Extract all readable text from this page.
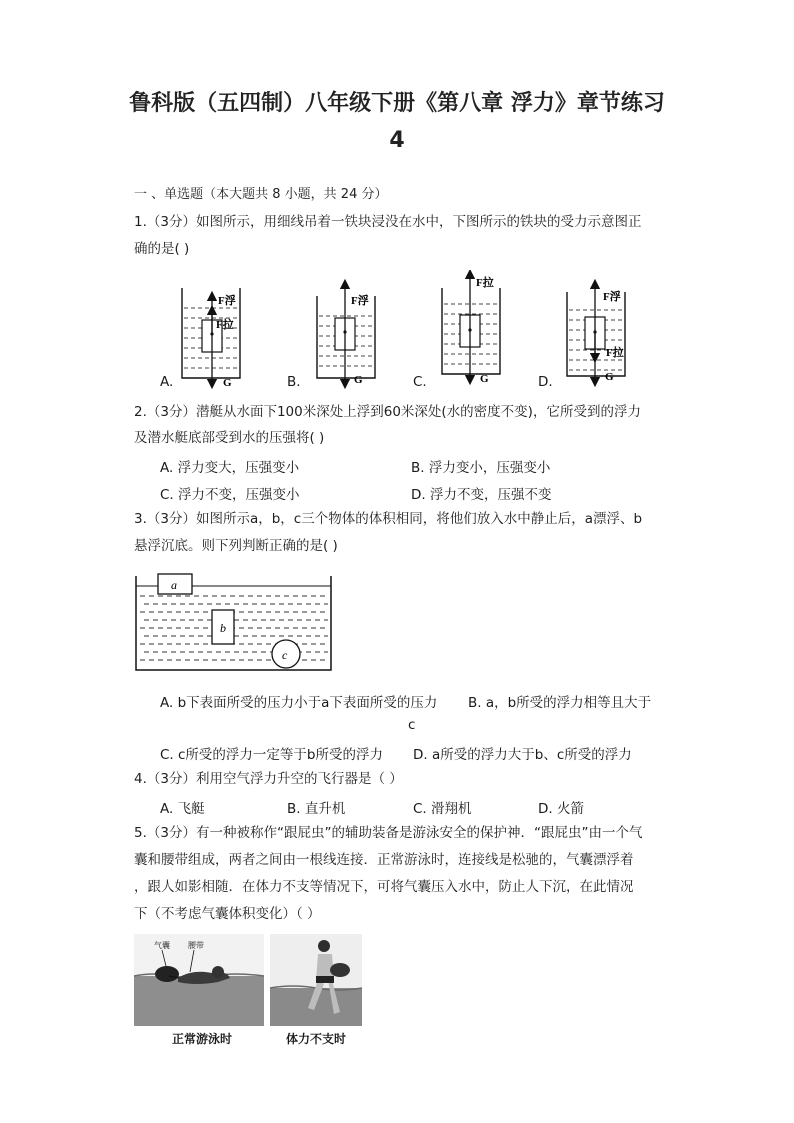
鲁科版（五四制）八年级下册《第八章 浮力》章节练习
4
一 、单选题（本大题共 8 小题，共 24 分）
1.（3分）如图所示，用细线吊着一铁块浸没在水中，下图所示的铁块的受力示意图正
确的是( )
F浮
F拉
G
F浮
G
F拉
G
F浮
F拉
G
A.	B.	C.	D.
2.（3分）潜艇从水面下100米深处上浮到60米深处(水的密度不变)，它所受到的浮力
及潜水艇底部受到水的压强将( )
A. 浮力变大，压强变小	B. 浮力变小，压强变小
C. 浮力不变，压强变小	D. 浮力不变，压强不变
3.（3分）如图所示a，b，c三个物体的体积相同，将他们放入水中静止后，a漂浮、b
悬浮沉底。则下列判断正确的是( )
a
b
c
A. b下表面所受的压力小于a下表面所受的压力 B. a，b所受的浮力相等且大于
c
C. c所受的浮力一定等于b所受的浮力 D. a所受的浮力大于b、c所受的浮力
4.（3分）利用空气浮力升空的飞行器是（ ）
A. 飞艇	B. 直升机	C. 滑翔机	D. 火箭
5.（3分）有一种被称作“跟屁虫”的辅助装备是游泳安全的保护神．“跟屁虫”由一个气
囊和腰带组成，两者之间由一根线连接．正常游泳时，连接线是松驰的，气囊漂浮着
，跟人如影相随．在体力不支等情况下，可将气囊压入水中，防止人下沉，在此情况
下（不考虑气囊体积变化）（ ）
气囊 腰带
正常游泳时	体力不支时
